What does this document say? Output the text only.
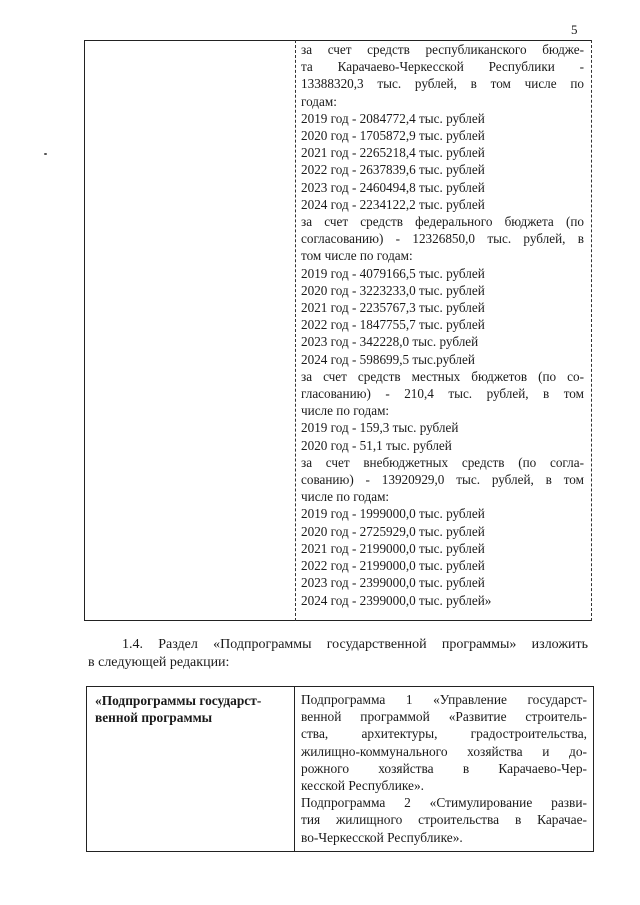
5
за счет средств республиканского бюдже-
та Карачаево-Черкесской Республики -
13388320,3 тыс. рублей, в том числе по
годам:
2019 год - 2084772,4 тыс. рублей
2020 год - 1705872,9 тыс. рублей
2021 год - 2265218,4 тыс. рублей
2022 год - 2637839,6 тыс. рублей
2023 год - 2460494,8 тыс. рублей
2024 год - 2234122,2 тыс. рублей
за счет средств федерального бюджета (по
согласованию) - 12326850,0 тыс. рублей, в
том числе по годам:
2019 год - 4079166,5 тыс. рублей
2020 год - 3223233,0 тыс. рублей
2021 год - 2235767,3 тыс. рублей
2022 год - 1847755,7 тыс. рублей
2023 год - 342228,0 тыс. рублей
2024 год - 598699,5 тыс.рублей
за счет средств местных бюджетов (по со-
гласованию) - 210,4 тыс. рублей, в том
числе по годам:
2019 год - 159,3 тыс. рублей
2020 год - 51,1 тыс. рублей
за счет внебюджетных средств (по согла-
сованию) - 13920929,0 тыс. рублей, в том
числе по годам:
2019 год - 1999000,0 тыс. рублей
2020 год - 2725929,0 тыс. рублей
2021 год - 2199000,0 тыс. рублей
2022 год - 2199000,0 тыс. рублей
2023 год - 2399000,0 тыс. рублей
2024 год - 2399000,0 тыс. рублей»
1.4. Раздел «Подпрограммы государственной программы» изложить
в следующей редакции:
«Подпрограммы государст-
венной программы
Подпрограмма 1 «Управление государст-
венной программой «Развитие строитель-
ства, архитектуры, градостроительства,
жилищно-коммунального хозяйства и до-
рожного хозяйства в Карачаево-Чер-
кесской Республике».
Подпрограмма 2 «Стимулирование разви-
тия жилищного строительства в Карачае-
во-Черкесской Республике».
